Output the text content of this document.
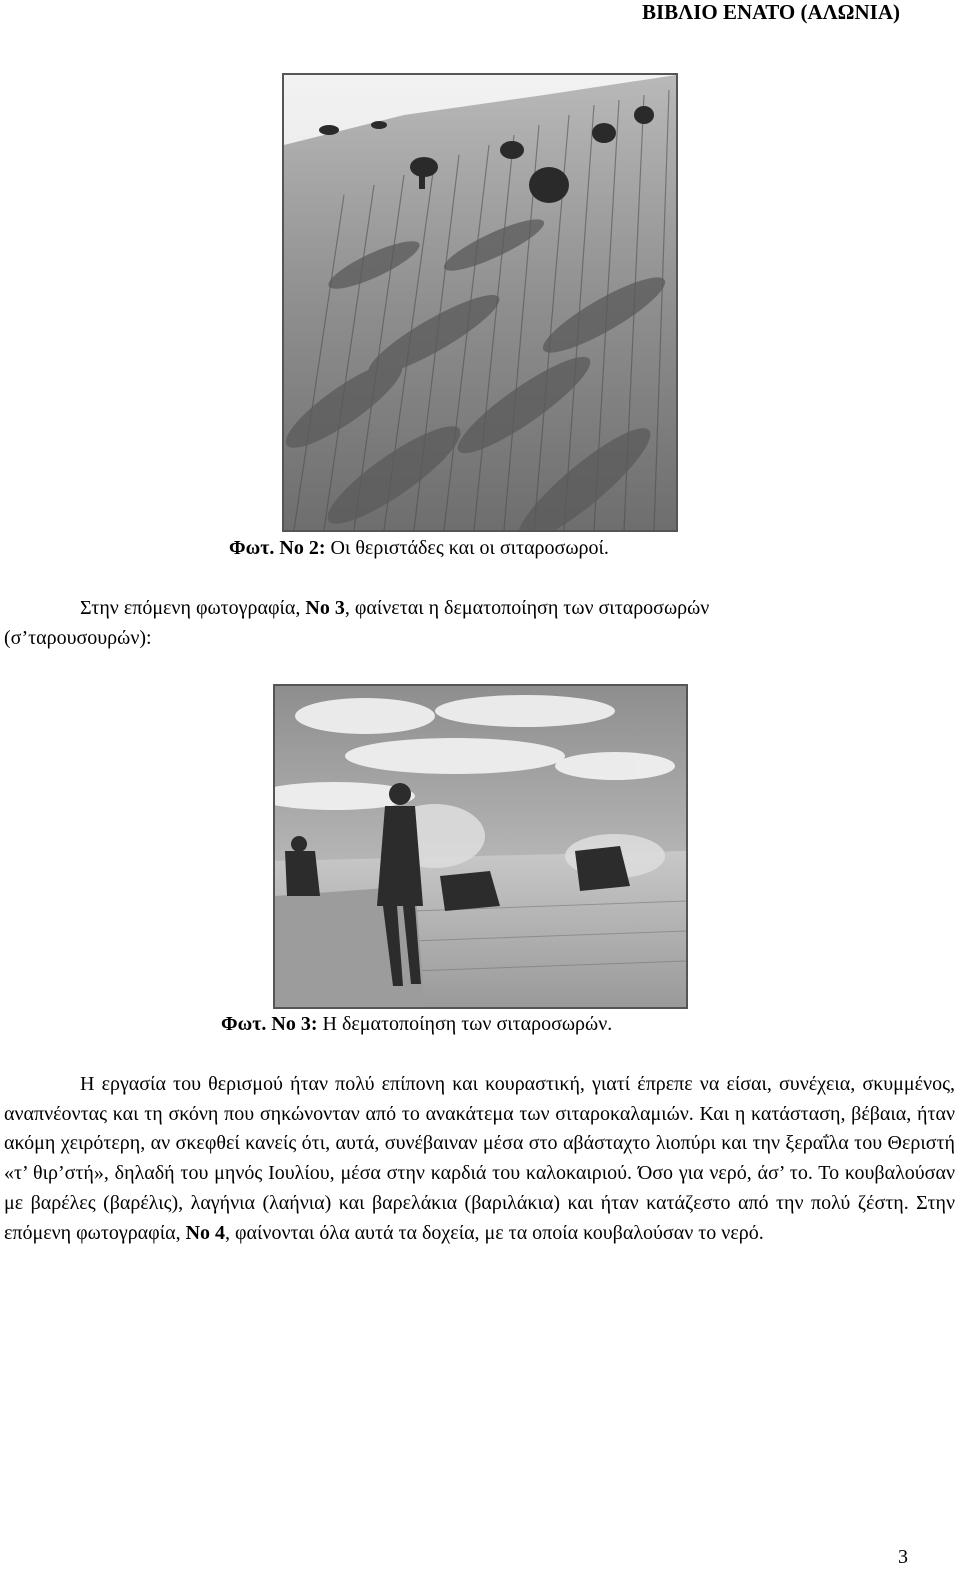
ΒΙΒΛΙΟ ΕΝΑΤΟ (ΑΛΩΝΙΑ)
Φωτ. Νο 2: Οι θεριστάδες και οι σιταροσωροί.

Στην επόμενη φωτογραφία, Νο 3, φαίνεται η δεματοποίηση των σιταροσωρών

(σ’ταρουσουρών):

Φωτ. Νο 3: Η δεματοποίηση των σιταροσωρών.

Η εργασία του θερισμού ήταν πολύ επίπονη και κουραστική, γιατί έπρεπε να είσαι, συνέχεια, σκυμμένος, αναπνέοντας και τη σκόνη που σηκώνονταν από το ανακάτεμα των σιταροκαλαμιών. Και η κατάσταση, βέβαια, ήταν ακόμη χειρότερη, αν σκεφθεί κανείς ότι, αυτά, συνέβαιναν μέσα στο αβάσταχτο λιοπύρι και την ξεραΐλα του Θεριστή «τ’ θιρ’στή», δηλαδή του μηνός Ιουλίου, μέσα στην καρδιά του καλοκαιριού. Όσο για νερό, άσ’ το. Το κουβαλούσαν με βαρέλες (βαρέλις), λαγήνια (λαήνια) και βαρελάκια (βαριλάκια) και ήταν κατάζεστο από την πολύ ζέστη. Στην επόμενη φωτογραφία, Νο 4, φαίνονται όλα αυτά τα δοχεία, με τα οποία κουβαλούσαν το νερό.

3
